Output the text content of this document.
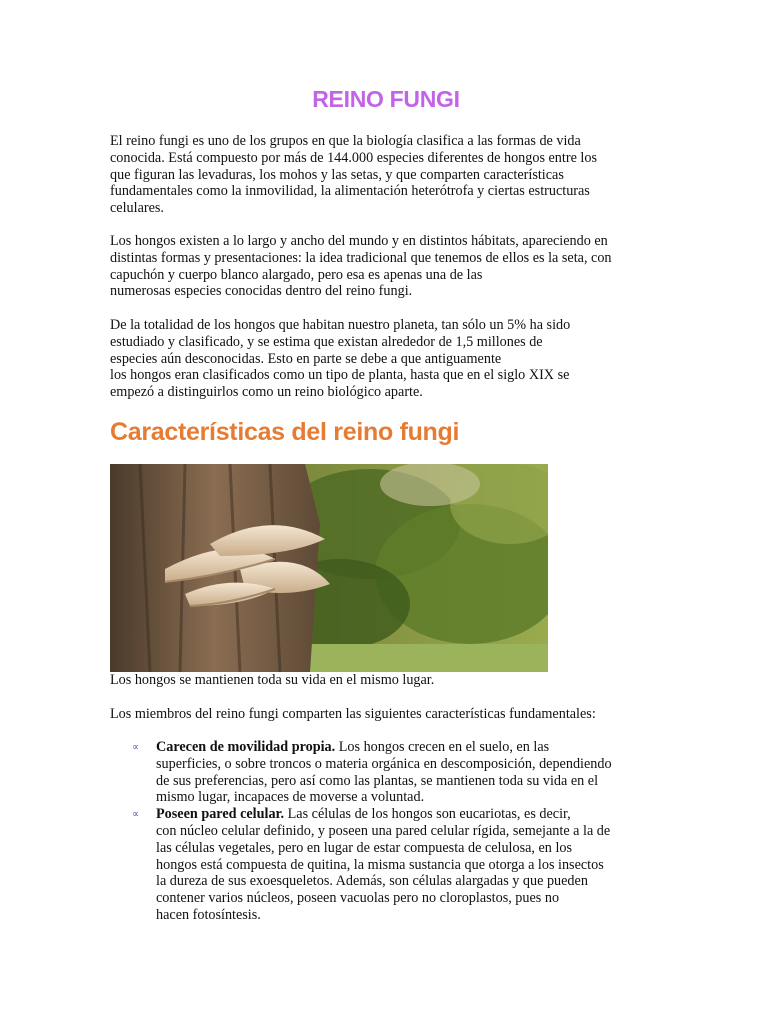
REINO FUNGI
El reino fungi es uno de los grupos en que la biología clasifica a las formas de vida
conocida. Está compuesto por más de 144.000 especies diferentes de hongos entre los
que figuran las levaduras, los mohos y las setas, y que comparten características
fundamentales como la inmovilidad, la alimentación heterótrofa y ciertas estructuras
celulares.
Los hongos existen a lo largo y ancho del mundo y en distintos hábitats, apareciendo en
distintas formas y presentaciones: la idea tradicional que tenemos de ellos es la seta, con
capuchón y cuerpo blanco alargado, pero esa es apenas una de las
numerosas especies conocidas dentro del reino fungi.
De la totalidad de los hongos que habitan nuestro planeta, tan sólo un 5% ha sido
estudiado y clasificado, y se estima que existan alrededor de 1,5 millones de
especies aún desconocidas. Esto en parte se debe a que antiguamente
los hongos eran clasificados como un tipo de planta, hasta que en el siglo XIX se
empezó a distinguirlos como un reino biológico aparte.
Características del reino fungi
Los hongos se mantienen toda su vida en el mismo lugar.
Los miembros del reino fungi comparten las siguientes características fundamentales:
∝ Carecen de movilidad propia. Los hongos crecen en el suelo, en las
superficies, o sobre troncos o materia orgánica en descomposición, dependiendo
de sus preferencias, pero así como las plantas, se mantienen toda su vida en el
mismo lugar, incapaces de moverse a voluntad.
∝ Poseen pared celular. Las células de los hongos son eucariotas, es decir,
con núcleo celular definido, y poseen una pared celular rígida, semejante a la de
las células vegetales, pero en lugar de estar compuesta de celulosa, en los
hongos está compuesta de quitina, la misma sustancia que otorga a los insectos
la dureza de sus exoesqueletos. Además, son células alargadas y que pueden
contener varios núcleos, poseen vacuolas pero no cloroplastos, pues no
hacen fotosíntesis.
